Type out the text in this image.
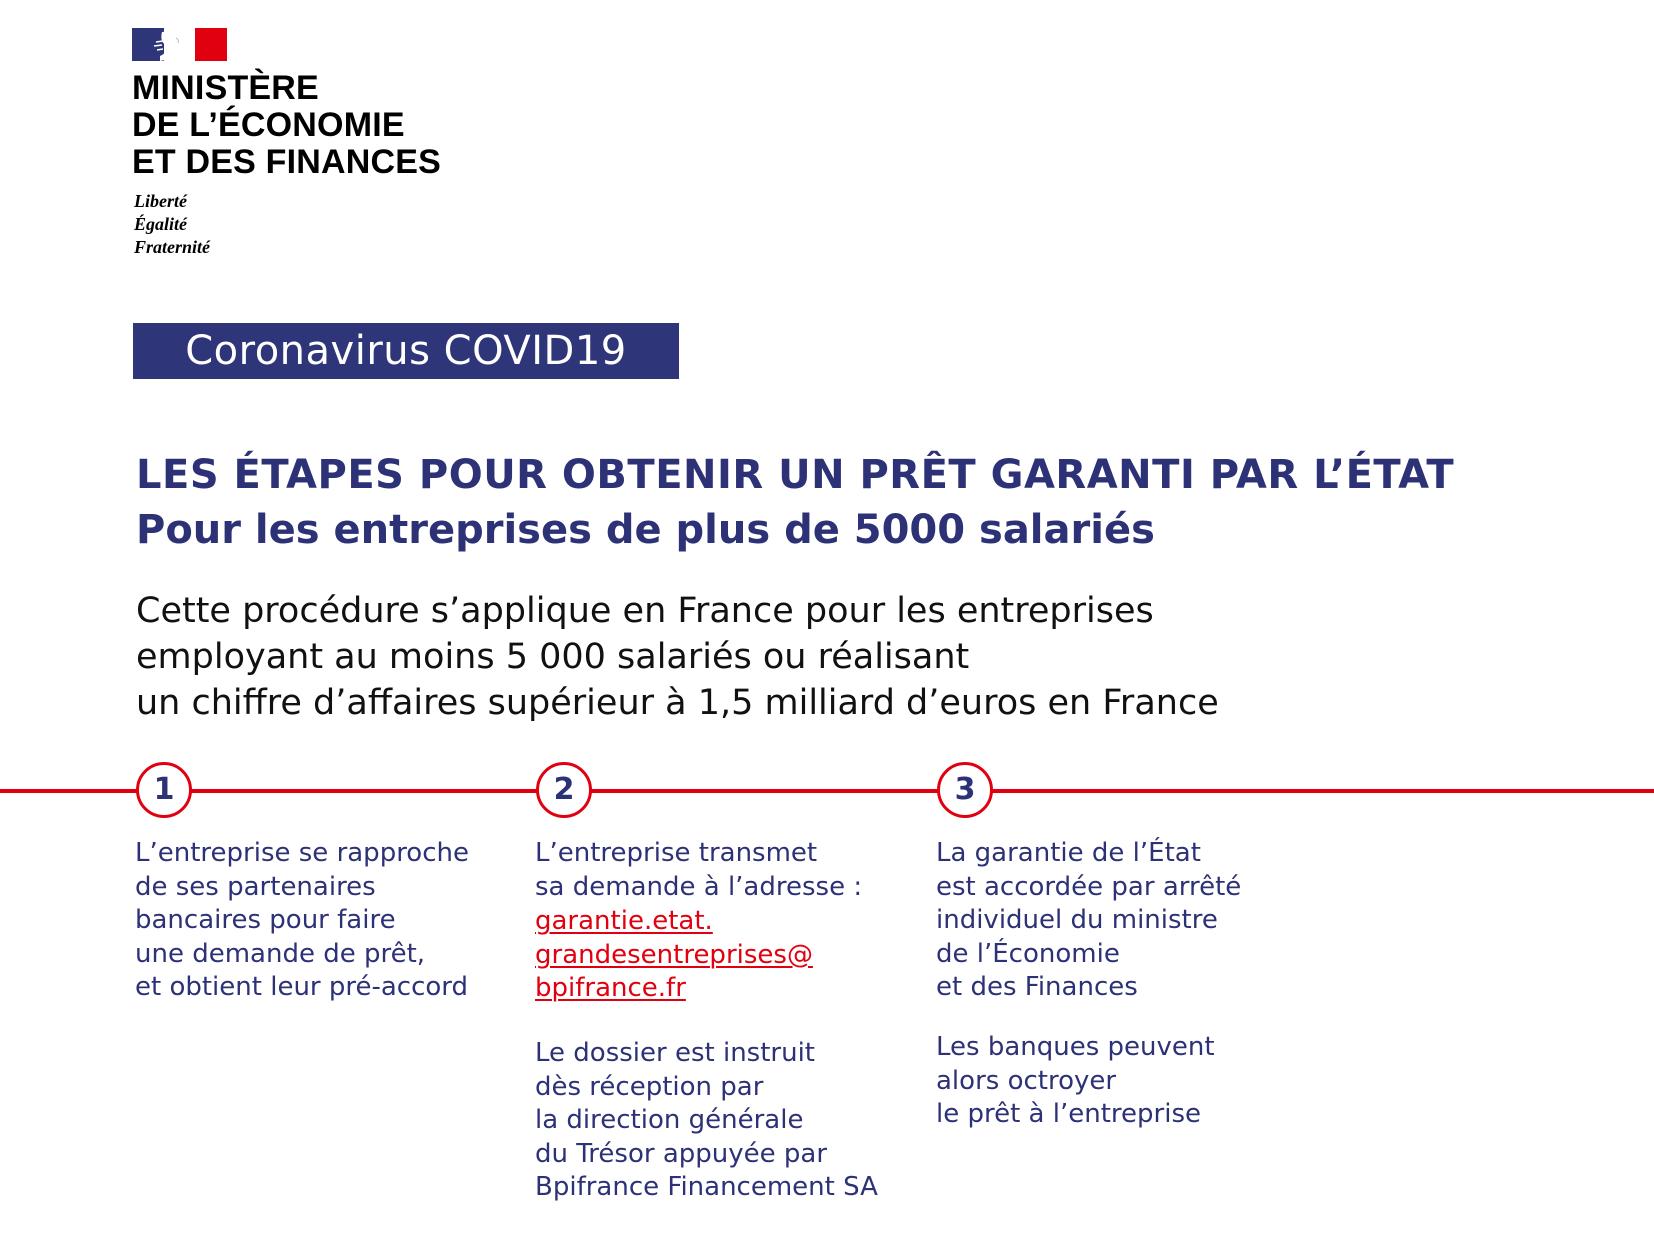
MINISTÈRE
DE L’ÉCONOMIE
ET DES FINANCES
Liberté
Égalité
Fraternité
Coronavirus COVID19
LES ÉTAPES POUR OBTENIR UN PRÊT GARANTI PAR L’ÉTAT
Pour les entreprises de plus de 5000 salariés
Cette procédure s’applique en France pour les entreprises
employant au moins 5 000 salariés ou réalisant
un chiffre d’affaires supérieur à 1,5 milliard d’euros en France
1
L’entreprise se rapproche
de ses partenaires
bancaires pour faire
une demande de prêt,
et obtient leur pré-accord
2
L’entreprise transmet
sa demande à l’adresse :
garantie.etat.
grandesentreprises@
bpifrance.fr
Le dossier est instruit
dès réception par
la direction générale
du Trésor appuyée par
Bpifrance Financement SA
3
La garantie de l’État
est accordée par arrêté
individuel du ministre
de l’Économie
et des Finances
Les banques peuvent
alors octroyer
le prêt à l’entreprise
